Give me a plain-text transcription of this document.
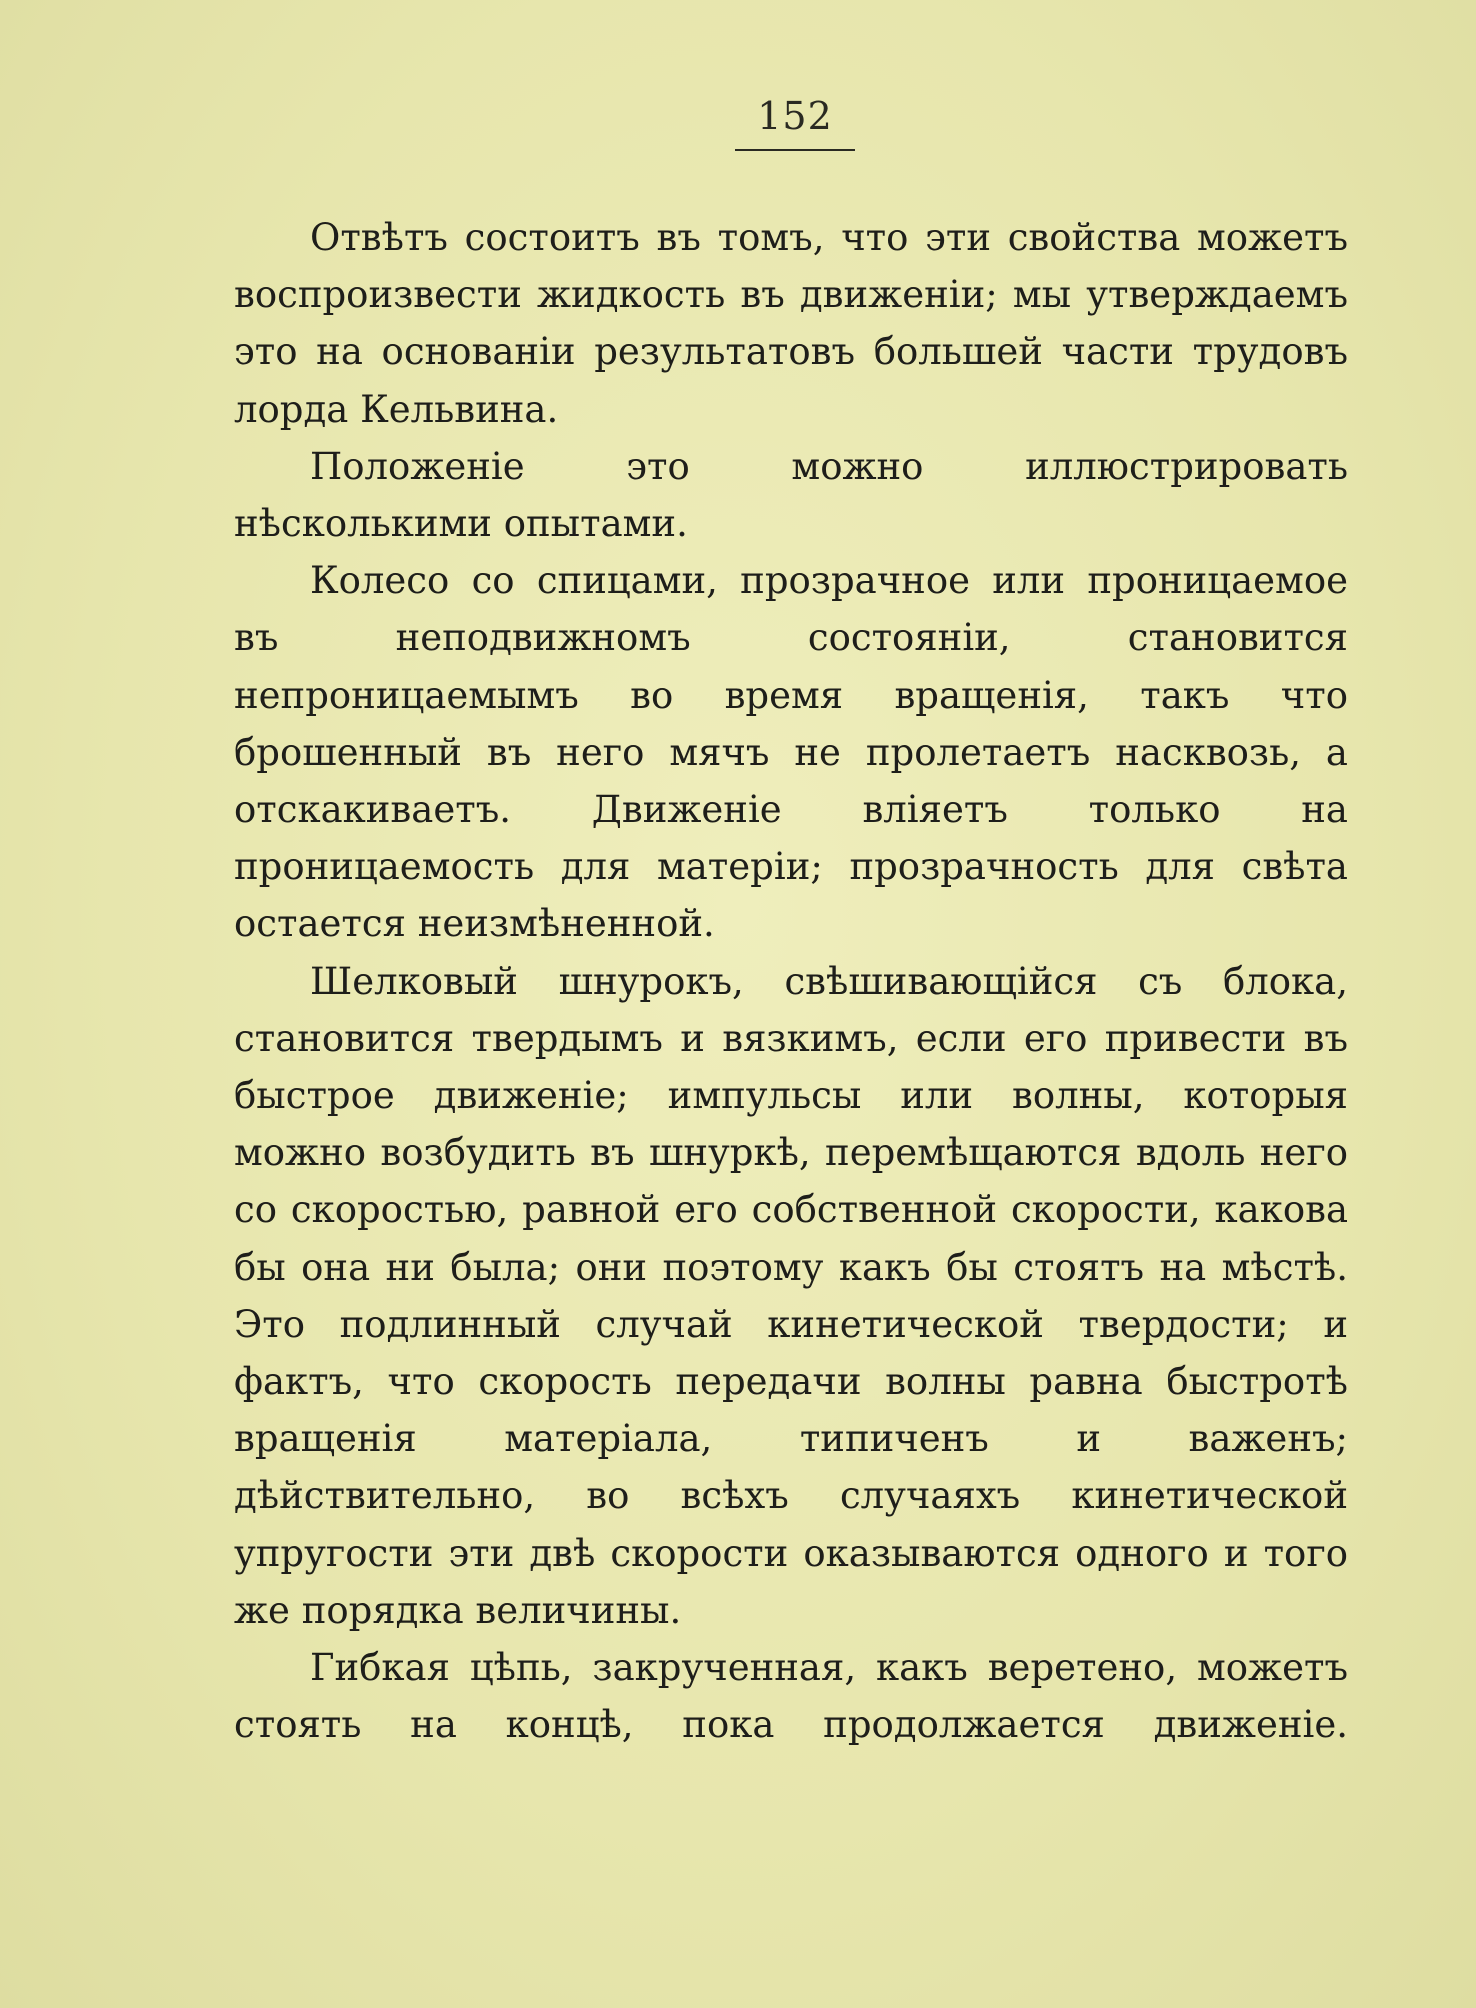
152

Отвѣтъ состоитъ въ томъ, что эти свойства можетъ воспроизвести жидкость въ движенiи; мы утверждаемъ это на основанiи результатовъ большей части трудовъ лорда Кельвина.

Положенiе это можно иллюстрировать нѣсколькими опытами.

Колесо со спицами, прозрачное или проницаемое въ неподвижномъ состоянiи, становится непроницаемымъ во время вращенiя, такъ что брошенный въ него мячъ не пролетаетъ насквозь, а отскакиваетъ. Движенiе влiяетъ только на проницаемость для матерiи; прозрачность для свѣта остается неизмѣненной.

Шелковый шнурокъ, свѣшивающiйся съ блока, становится твердымъ и вязкимъ, если его привести въ быстрое движенiе; импульсы или волны, которыя можно возбудить въ шнуркѣ, перемѣщаются вдоль него со скоростью, равной его собственной скорости, какова бы она ни была; они поэтому какъ бы стоятъ на мѣстѣ. Это подлинный случай кинетической твердости; и фактъ, что скорость передачи волны равна быстротѣ вращенiя матерiала, типиченъ и важенъ; дѣйствительно, во всѣхъ случаяхъ кинетической упругости эти двѣ скорости оказываются одного и того же порядка величины.

Гибкая цѣпь, закрученная, какъ веретено, можетъ стоять на концѣ, пока продолжается движенiе.
